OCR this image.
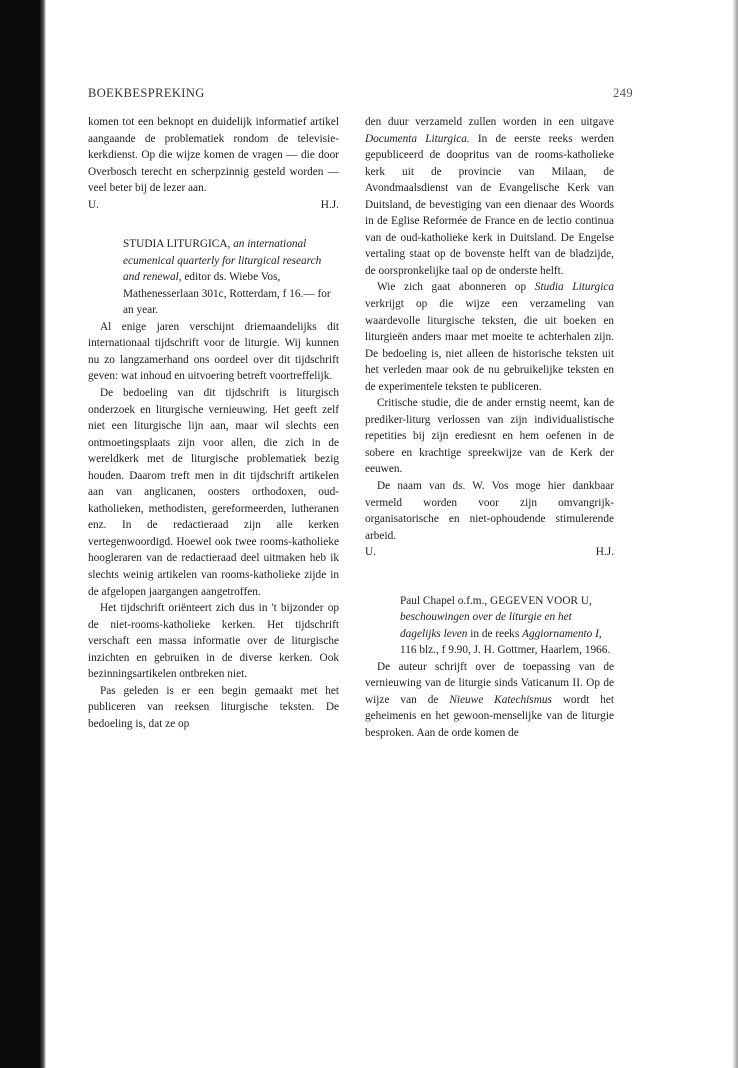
BOEKBESPREKING	249

komen tot een beknopt en duidelijk informatief artikel aangaande de problematiek rondom de televisie-kerkdienst. Op die wijze komen de vragen — die door Overbosch terecht en scherpzinnig gesteld worden — veel beter bij de lezer aan.

U.	H.J.

STUDIA LITURGICA, an international ecumenical quarterly for liturgical research and renewal, editor ds. Wiebe Vos, Mathenesserlaan 301c, Rotterdam, f 16.— for an year.

Al enige jaren verschijnt driemaandelijks dit internationaal tijdschrift voor de liturgie. Wij kunnen nu zo langzamerhand ons oordeel over dit tijdschrift geven: wat inhoud en uitvoering betreft voortreffelijk.

De bedoeling van dit tijdschrift is liturgisch onderzoek en liturgische vernieuwing. Het geeft zelf niet een liturgische lijn aan, maar wil slechts een ontmoetingsplaats zijn voor allen, die zich in de wereldkerk met de liturgische problematiek bezig houden. Daarom treft men in dit tijdschrift artikelen aan van anglicanen, oosters orthodoxen, oud-katholieken, methodisten, gereformeerden, lutheranen enz. In de redactieraad zijn alle kerken vertegenwoordigd. Hoewel ook twee rooms-katholieke hoogleraren van de redactieraad deel uitmaken heb ik slechts weinig artikelen van rooms-katholieke zijde in de afgelopen jaargangen aangetroffen.

Het tijdschrift oriënteert zich dus in 't bijzonder op de niet-rooms-katholieke kerken. Het tijdschrift verschaft een massa informatie over de liturgische inzichten en gebruiken in de diverse kerken. Ook bezinningsartikelen ontbreken niet.

Pas geleden is er een begin gemaakt met het publiceren van reeksen liturgische teksten. De bedoeling is, dat ze op

den duur verzameld zullen worden in een uitgave Documenta Liturgica. In de eerste reeks werden gepubliceerd de doopritus van de rooms-katholieke kerk uit de provincie van Milaan, de Avondmaalsdienst van de Evangelische Kerk van Duitsland, de bevestiging van een dienaar des Woords in de Eglise Reformée de France en de lectio continua van de oud-katholieke kerk in Duitsland. De Engelse vertaling staat op de bovenste helft van de bladzijde, de oorspronkelijke taal op de onderste helft.

Wie zich gaat abonneren op Studia Liturgica verkrijgt op die wijze een verzameling van waardevolle liturgische teksten, die uit boeken en liturgieën anders maar met moeite te achterhalen zijn. De bedoeling is, niet alleen de historische teksten uit het verleden maar ook de nu gebruikelijke teksten en de experimentele teksten te publiceren.

Critische studie, die de ander ernstig neemt, kan de prediker-liturg verlossen van zijn individualistische repetities bij zijn erediesnt en hem oefenen in de sobere en krachtige spreekwijze van de Kerk der eeuwen.

De naam van ds. W. Vos moge hier dankbaar vermeld worden voor zijn omvangrijk-organisatorische en niet-ophoudende stimulerende arbeid.

U.	H.J.

Paul Chapel o.f.m., GEGEVEN VOOR U, beschouwingen over de liturgie en het dagelijks leven in de reeks Aggiornamento I, 116 blz., f 9.90, J. H. Gottmer, Haarlem, 1966.

De auteur schrijft over de toepassing van de vernieuwing van de liturgie sinds Vaticanum II. Op de wijze van de Nieuwe Katechismus wordt het geheimenis en het gewoon-menselijke van de liturgie besproken. Aan de orde komen de
